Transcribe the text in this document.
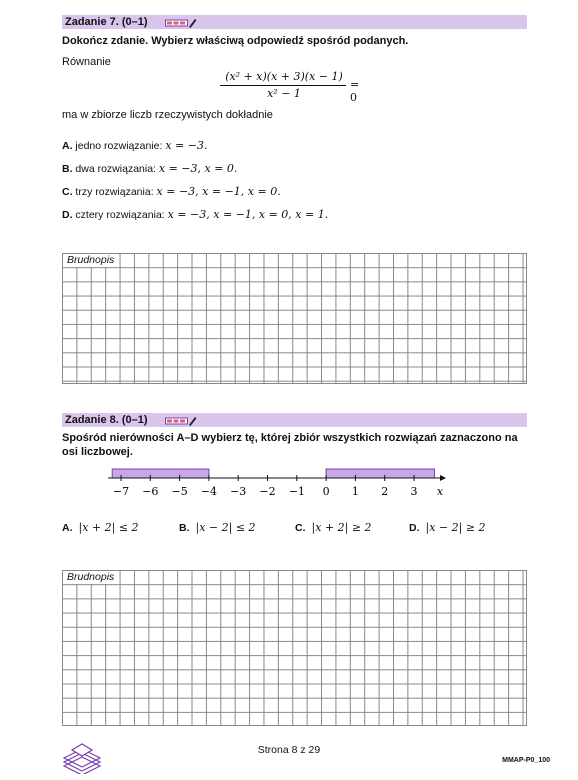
Zadanie 7. (0–1)
Dokończ zdanie. Wybierz właściwą odpowiedź spośród podanych.
Równanie
(x² + x)(x + 3)(x − 1)
x² − 1
= 0
ma w zbiorze liczb rzeczywistych dokładnie
A. jedno rozwiązanie: x = −3.
B. dwa rozwiązania: x = −3, x = 0.
C. trzy rozwiązania: x = −3, x = −1, x = 0.
D. cztery rozwiązania: x = −3, x = −1, x = 0, x = 1.
Brudnopis
Zadanie 8. (0–1)
Spośród nierówności A–D wybierz tę, której zbiór wszystkich rozwiązań zaznaczono na osi liczbowej.
−7 −6 −5 −4 −3 −2 −1 0 1 2 3 x
A. |x + 2| ≤ 2	B. |x − 2| ≤ 2	C. |x + 2| ≥ 2	D. |x − 2| ≥ 2
Brudnopis
Strona 8 z 29
MMAP-P0_100
